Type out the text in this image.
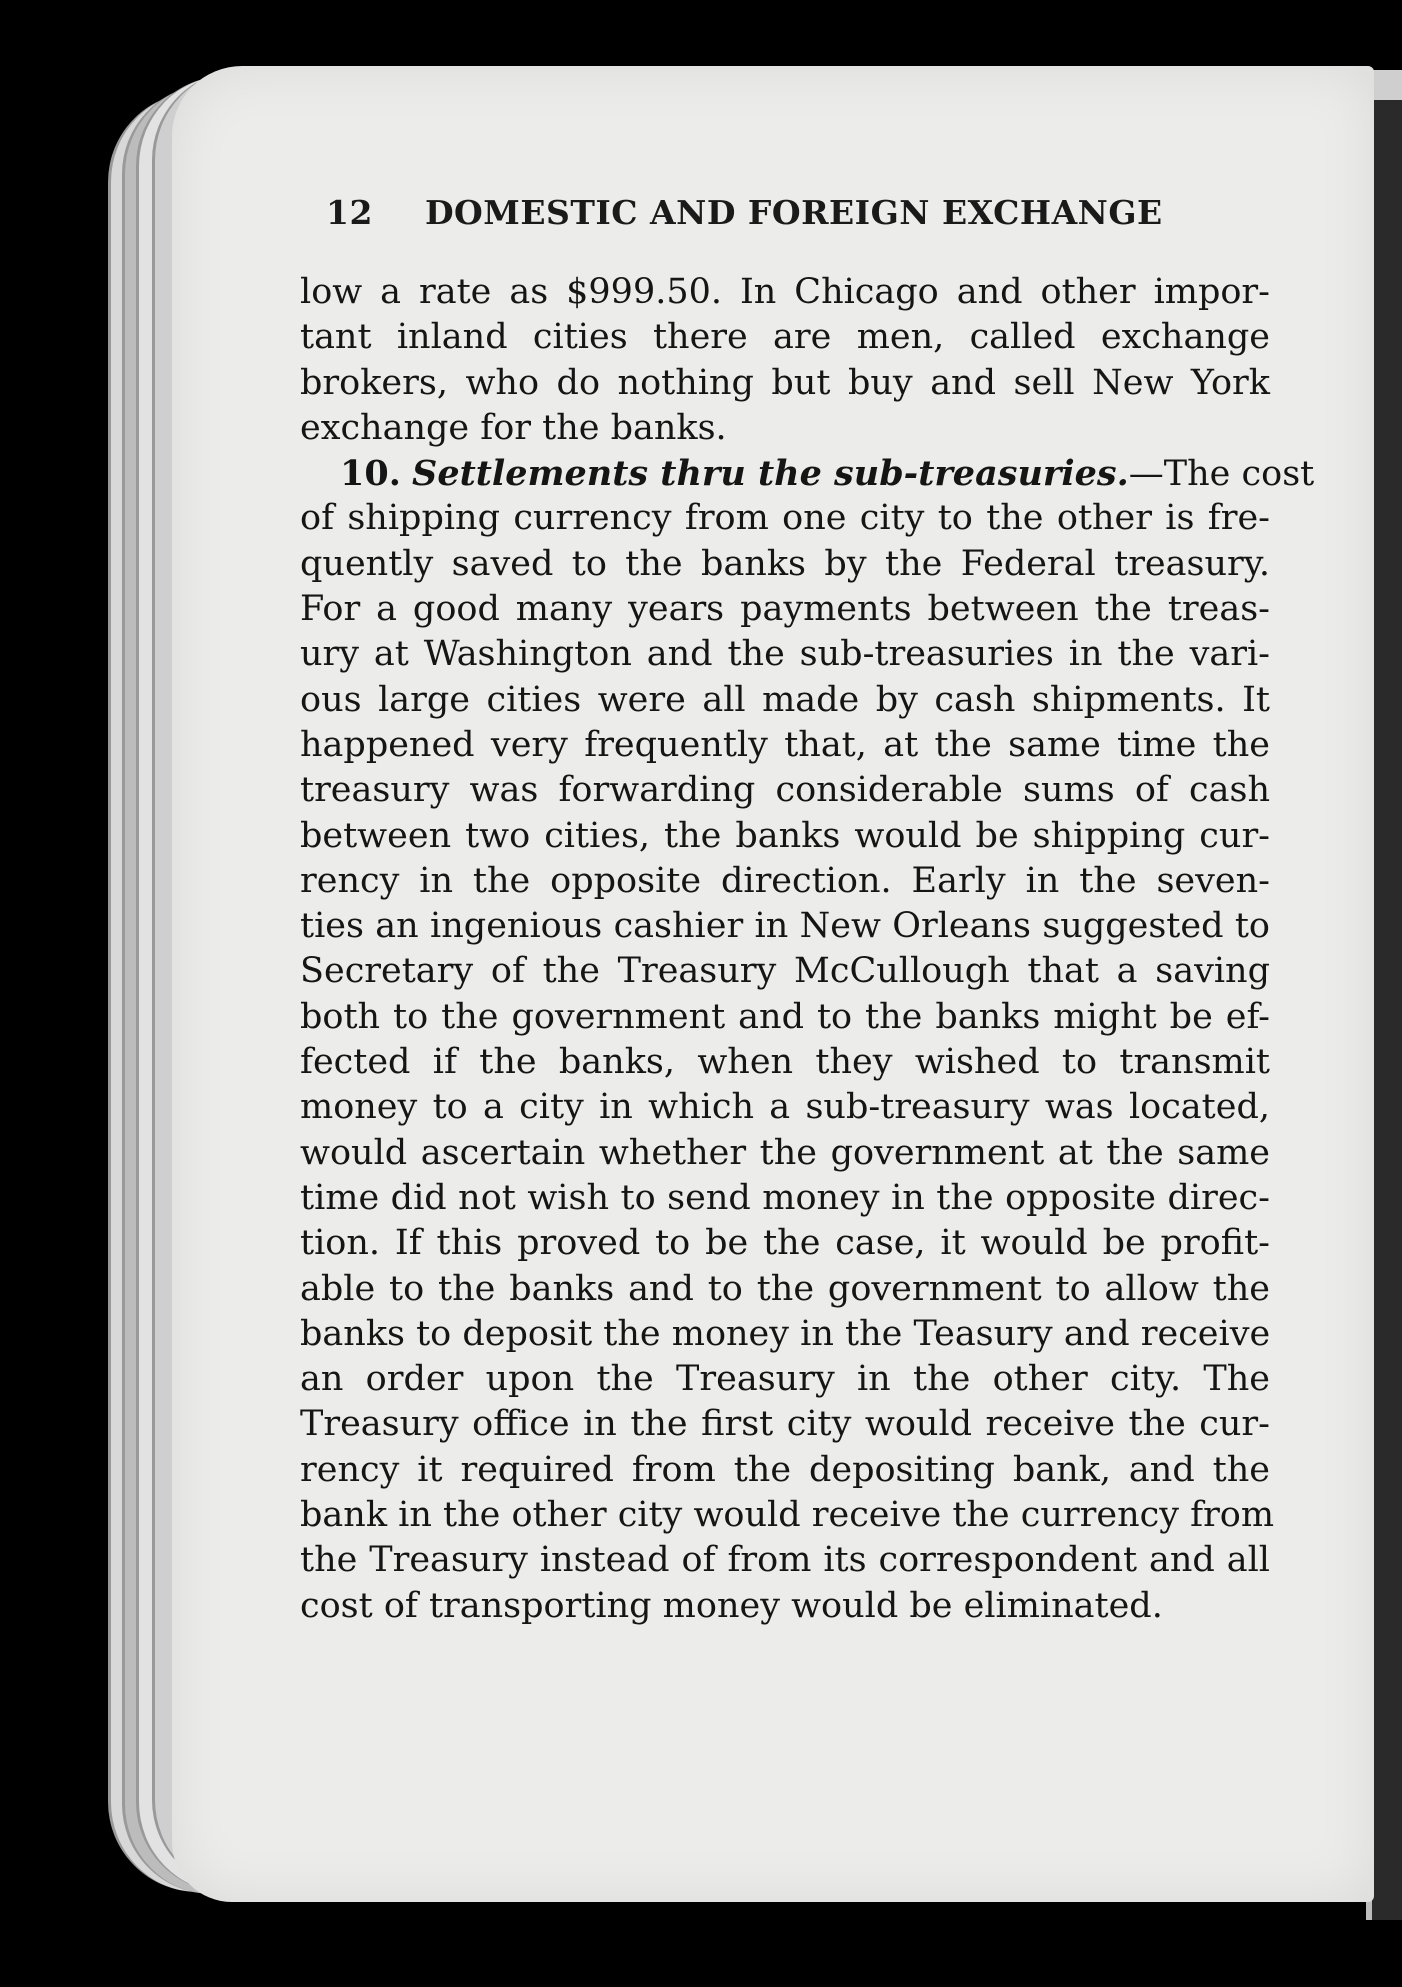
12 DOMESTIC AND FOREIGN EXCHANGE
low a rate as $999.50. In Chicago and other impor-
tant inland cities there are men, called exchange
brokers, who do nothing but buy and sell New York
exchange for the banks.
10. Settlements thru the sub-treasuries.—The cost
of shipping currency from one city to the other is fre-
quently saved to the banks by the Federal treasury.
For a good many years payments between the treas-
ury at Washington and the sub-treasuries in the vari-
ous large cities were all made by cash shipments. It
happened very frequently that, at the same time the
treasury was forwarding considerable sums of cash
between two cities, the banks would be shipping cur-
rency in the opposite direction. Early in the seven-
ties an ingenious cashier in New Orleans suggested to
Secretary of the Treasury McCullough that a saving
both to the government and to the banks might be ef-
fected if the banks, when they wished to transmit
money to a city in which a sub-treasury was located,
would ascertain whether the government at the same
time did not wish to send money in the opposite direc-
tion. If this proved to be the case, it would be profit-
able to the banks and to the government to allow the
banks to deposit the money in the Teasury and receive
an order upon the Treasury in the other city. The
Treasury office in the first city would receive the cur-
rency it required from the depositing bank, and the
bank in the other city would receive the currency from
the Treasury instead of from its correspondent and all
cost of transporting money would be eliminated.
